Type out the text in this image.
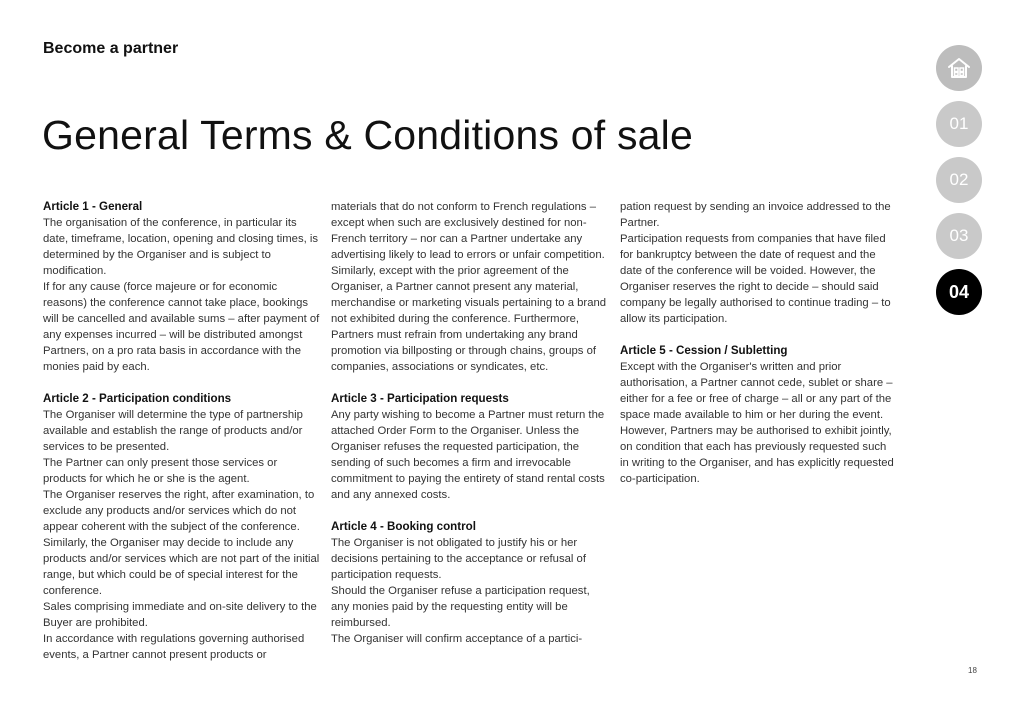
Become a partner
General Terms & Conditions of sale
Article 1 - General

The organisation of the conference, in particular its date, timeframe, location, opening and closing times, is determined by the Organiser and is subject to modification.

If for any cause (force majeure or for economic reasons) the conference cannot take place, bookings will be cancelled and available sums – after payment of any expenses incurred – will be distributed amongst Partners, on a pro rata basis in accordance with the monies paid by each.

Article 2 - Participation conditions

The Organiser will determine the type of partnership available and establish the range of products and/or services to be presented.

The Partner can only present those services or products for which he or she is the agent.

The Organiser reserves the right, after examination, to exclude any products and/or services which do not appear coherent with the subject of the conference. Similarly, the Organiser may decide to include any products and/or services which are not part of the initial range, but which could be of special interest for the conference.

Sales comprising immediate and on-site delivery to the Buyer are prohibited.

In accordance with regulations governing authorised events, a Partner cannot present products or

materials that do not conform to French regulations – except when such are exclusively destined for non-French territory – nor can a Partner undertake any advertising likely to lead to errors or unfair competition. Similarly, except with the prior agreement of the Organiser, a Partner cannot present any material, merchandise or marketing visuals pertaining to a brand not exhibited during the conference. Furthermore, Partners must refrain from undertaking any brand promotion via billposting or through chains, groups of companies, associations or syndicates, etc.

Article 3 - Participation requests

Any party wishing to become a Partner must return the attached Order Form to the Organiser. Unless the Organiser refuses the requested participation, the sending of such becomes a firm and irrevocable commitment to paying the entirety of stand rental costs and any annexed costs.

Article 4 - Booking control

The Organiser is not obligated to justify his or her decisions pertaining to the acceptance or refusal of participation requests.

Should the Organiser refuse a participation request, any monies paid by the requesting entity will be reimbursed.

The Organiser will confirm acceptance of a partici-

pation request by sending an invoice addressed to the Partner.

Participation requests from companies that have filed for bankruptcy between the date of request and the date of the conference will be voided. However, the Organiser reserves the right to decide – should said company be legally authorised to continue trading – to allow its participation.

Article 5 - Cession / Subletting

Except with the Organiser's written and prior authorisation, a Partner cannot cede, sublet or share – either for a fee or free of charge – all or any part of the space made available to him or her during the event.

However, Partners may be authorised to exhibit jointly, on condition that each has previously requested such in writing to the Organiser, and has explicitly requested co-participation.

01
02
03
04
18
